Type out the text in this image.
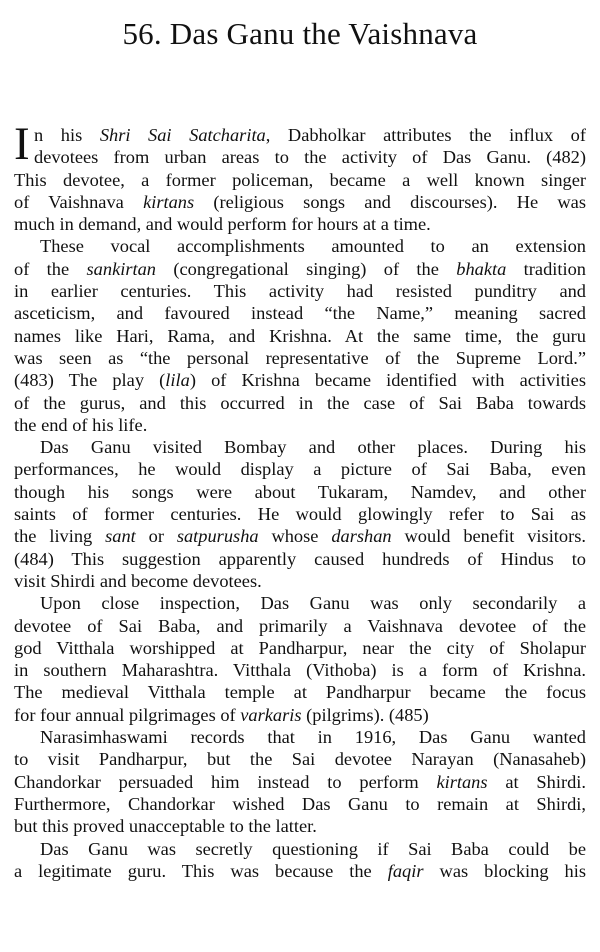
56. Das Ganu the Vaishnava
I n his Shri Sai Satcharita, Dabholkar attributes the influx of
devotees from urban areas to the activity of Das Ganu. (482)
This devotee, a former policeman, became a well known singer
of Vaishnava kirtans (religious songs and discourses). He was
much in demand, and would perform for hours at a time.
These vocal accomplishments amounted to an extension
of the sankirtan (congregational singing) of the bhakta tradition
in earlier centuries. This activity had resisted punditry and
asceticism, and favoured instead “the Name,” meaning sacred
names like Hari, Rama, and Krishna. At the same time, the guru
was seen as “the personal representative of the Supreme Lord.”
(483) The play (lila) of Krishna became identified with activities
of the gurus, and this occurred in the case of Sai Baba towards
the end of his life.
Das Ganu visited Bombay and other places. During his
performances, he would display a picture of Sai Baba, even
though his songs were about Tukaram, Namdev, and other
saints of former centuries. He would glowingly refer to Sai as
the living sant or satpurusha whose darshan would benefit visitors.
(484) This suggestion apparently caused hundreds of Hindus to
visit Shirdi and become devotees.
Upon close inspection, Das Ganu was only secondarily a
devotee of Sai Baba, and primarily a Vaishnava devotee of the
god Vitthala worshipped at Pandharpur, near the city of Sholapur
in southern Maharashtra. Vitthala (Vithoba) is a form of Krishna.
The medieval Vitthala temple at Pandharpur became the focus
for four annual pilgrimages of varkaris (pilgrims). (485)
Narasimhaswami records that in 1916, Das Ganu wanted
to visit Pandharpur, but the Sai devotee Narayan (Nanasaheb)
Chandorkar persuaded him instead to perform kirtans at Shirdi.
Furthermore, Chandorkar wished Das Ganu to remain at Shirdi,
but this proved unacceptable to the latter.
Das Ganu was secretly questioning if Sai Baba could be
a legitimate guru. This was because the faqir was blocking his
